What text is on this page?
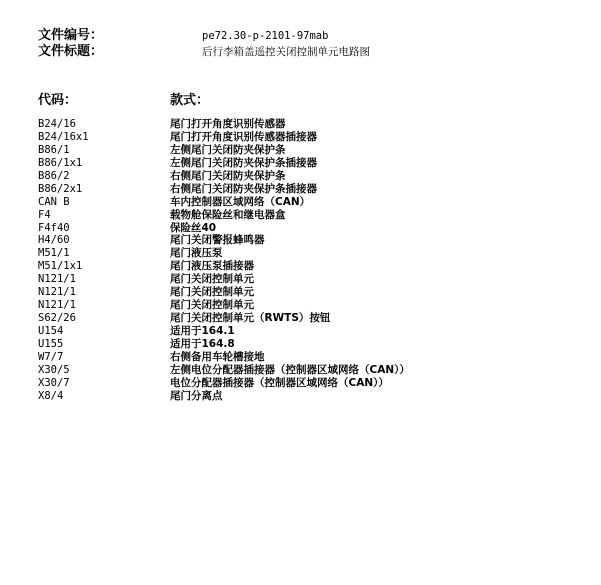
文件编号：	pe72.30-p-2101-97mab
文件标题：	后行李箱盖遥控关闭控制单元电路图
代码：	款式：
B24/16	尾门打开角度识别传感器
B24/16x1	尾门打开角度识别传感器插接器
B86/1	左侧尾门关闭防夹保护条
B86/1x1	左侧尾门关闭防夹保护条插接器
B86/2	右侧尾门关闭防夹保护条
B86/2x1	右侧尾门关闭防夹保护条插接器
CAN B	车内控制器区域网络（CAN）
F4	载物舱保险丝和继电器盒
F4f40	保险丝40
H4/60	尾门关闭警报蜂鸣器
M51/1	尾门液压泵
M51/1x1	尾门液压泵插接器
N121/1	尾门关闭控制单元
N121/1	尾门关闭控制单元
N121/1	尾门关闭控制单元
S62/26	尾门关闭控制单元（RWTS）按钮
U154	适用于164.1
U155	适用于164.8
W7/7	右侧备用车轮槽接地
X30/5	左侧电位分配器插接器（控制器区域网络（CAN））
X30/7	电位分配器插接器（控制器区域网络（CAN））
X8/4	尾门分离点
